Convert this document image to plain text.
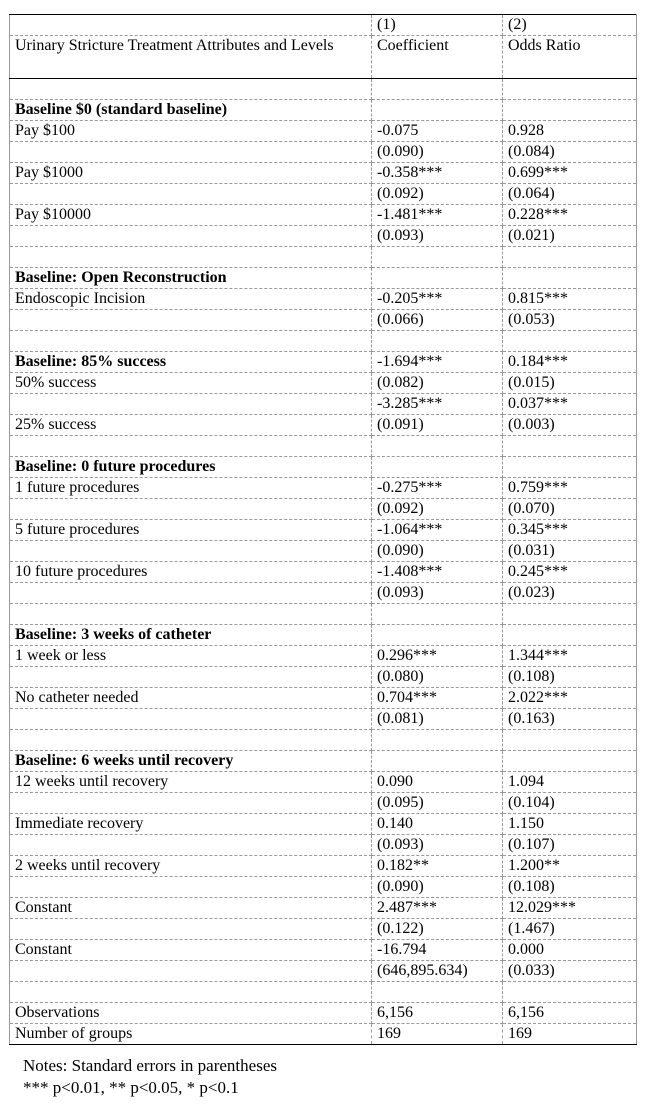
	(1)	(2)
Urinary Stricture Treatment Attributes and Levels	Coefficient	Odds Ratio

Baseline $0 (standard baseline)		
Pay $100	-0.075	0.928
	(0.090)	(0.084)
Pay $1000	-0.358***	0.699***
	(0.092)	(0.064)
Pay $10000	-1.481***	0.228***
	(0.093)	(0.021)

Baseline: Open Reconstruction		
Endoscopic Incision	-0.205***	0.815***
	(0.066)	(0.053)

Baseline: 85% success	-1.694***	0.184***
50% success	(0.082)	(0.015)
	-3.285***	0.037***
25% success	(0.091)	(0.003)

Baseline: 0 future procedures		
1 future procedures	-0.275***	0.759***
	(0.092)	(0.070)
5 future procedures	-1.064***	0.345***
	(0.090)	(0.031)
10 future procedures	-1.408***	0.245***
	(0.093)	(0.023)

Baseline: 3 weeks of catheter		
1 week or less	0.296***	1.344***
	(0.080)	(0.108)
No catheter needed	0.704***	2.022***
	(0.081)	(0.163)

Baseline: 6 weeks until recovery		
12 weeks until recovery	0.090	1.094
	(0.095)	(0.104)
Immediate recovery	0.140	1.150
	(0.093)	(0.107)
2 weeks until recovery	0.182**	1.200**
	(0.090)	(0.108)
Constant	2.487***	12.029***
	(0.122)	(1.467)
Constant	-16.794	0.000
	(646,895.634)	(0.033)

Observations	6,156	6,156
Number of groups	169	169
Notes: Standard errors in parentheses
*** p<0.01, ** p<0.05, * p<0.1
